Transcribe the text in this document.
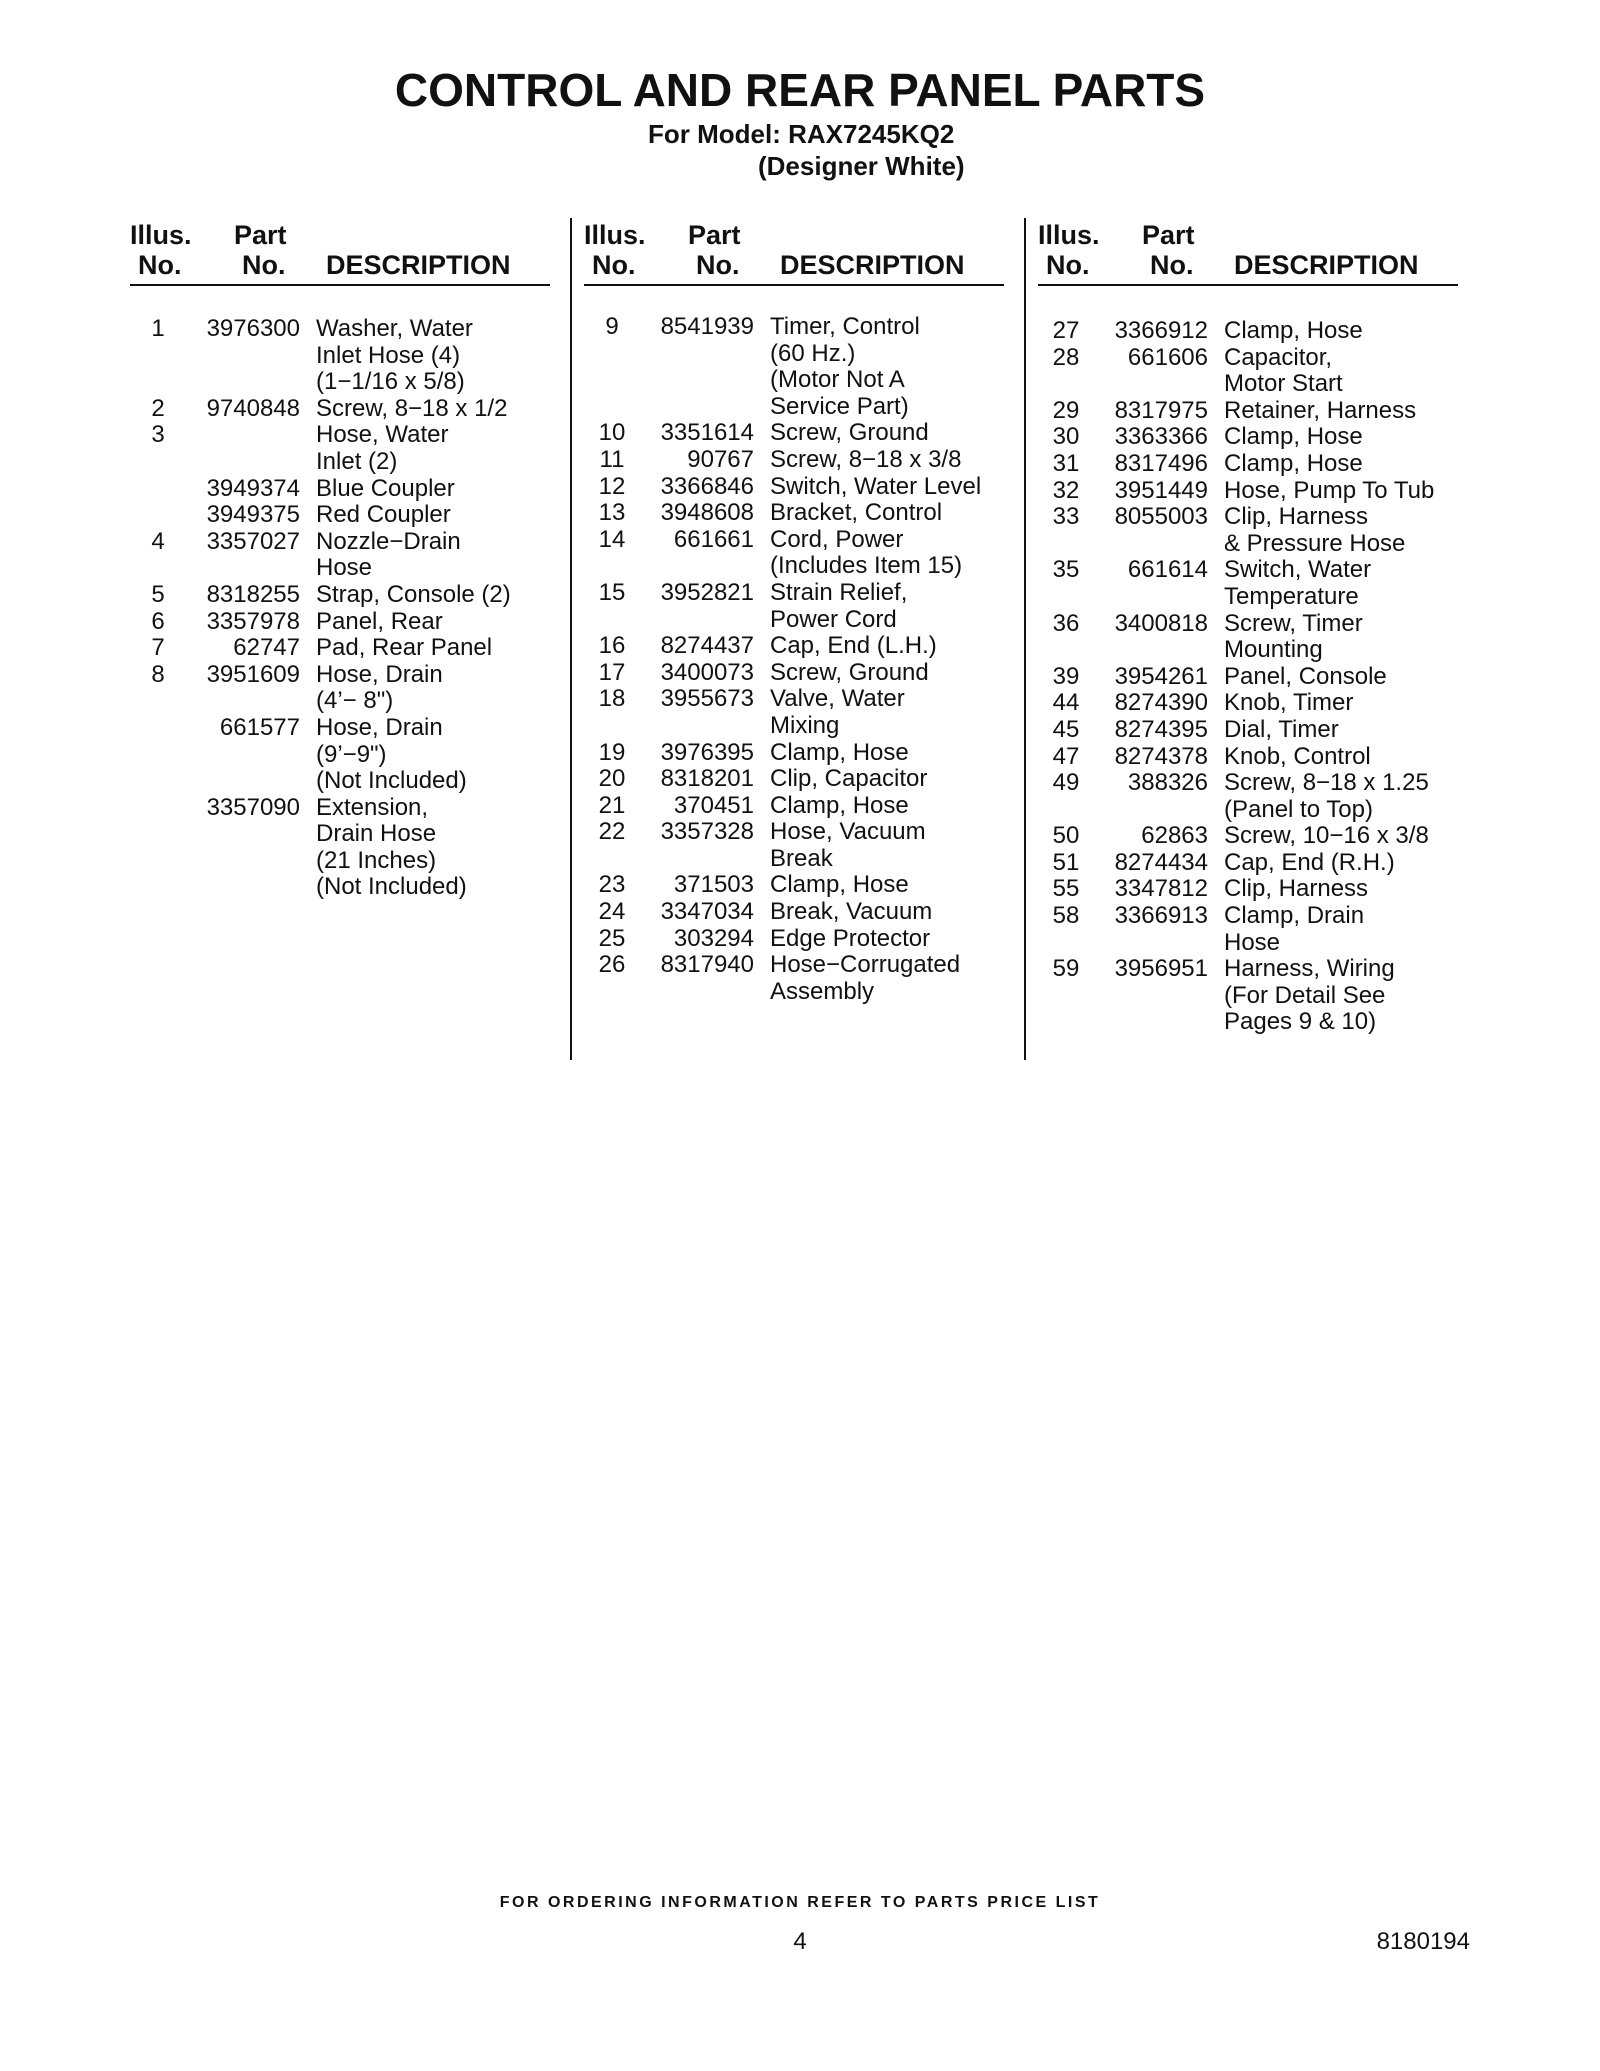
CONTROL AND REAR PANEL PARTS
For Model: RAX7245KQ2
(Designer White)
Illus. Part
No. No. DESCRIPTION
1	3976300 Washer, Water
Inlet Hose (4)
(1−1/16 x 5/8)
2	9740848 Screw, 8−18 x 1/2
3	Hose, Water
Inlet (2)
3949374 Blue Coupler
3949375 Red Coupler
4	3357027 Nozzle−Drain
Hose
5	8318255 Strap, Console (2)
6	3357978 Panel, Rear
7	62747 Pad, Rear Panel
8	3951609 Hose, Drain
(4’− 8")
661577 Hose, Drain
(9’−9")
(Not Included)
3357090 Extension,
Drain Hose
(21 Inches)
(Not Included)
Illus. Part
No. No. DESCRIPTION
9	8541939 Timer, Control
(60 Hz.)
(Motor Not A
Service Part)
10	3351614 Screw, Ground
11	90767 Screw, 8−18 x 3/8
12	3366846 Switch, Water Level
13	3948608 Bracket, Control
14	661661 Cord, Power
(Includes Item 15)
15	3952821 Strain Relief,
Power Cord
16	8274437 Cap, End (L.H.)
17	3400073 Screw, Ground
18	3955673 Valve, Water
Mixing
19	3976395 Clamp, Hose
20	8318201 Clip, Capacitor
21	370451 Clamp, Hose
22	3357328 Hose, Vacuum
Break
23	371503 Clamp, Hose
24	3347034 Break, Vacuum
25	303294 Edge Protector
26	8317940 Hose−Corrugated
Assembly
Illus. Part
No. No. DESCRIPTION
27	3366912 Clamp, Hose
28	661606 Capacitor,
Motor Start
29	8317975 Retainer, Harness
30	3363366 Clamp, Hose
31	8317496 Clamp, Hose
32	3951449 Hose, Pump To Tub
33	8055003 Clip, Harness
& Pressure Hose
35	661614 Switch, Water
Temperature
36	3400818 Screw, Timer
Mounting
39	3954261 Panel, Console
44	8274390 Knob, Timer
45	8274395 Dial, Timer
47	8274378 Knob, Control
49	388326 Screw, 8−18 x 1.25
(Panel to Top)
50	62863 Screw, 10−16 x 3/8
51	8274434 Cap, End (R.H.)
55	3347812 Clip, Harness
58	3366913 Clamp, Drain
Hose
59	3956951 Harness, Wiring
(For Detail See
Pages 9 & 10)
FOR ORDERING INFORMATION REFER TO PARTS PRICE LIST
4	8180194
